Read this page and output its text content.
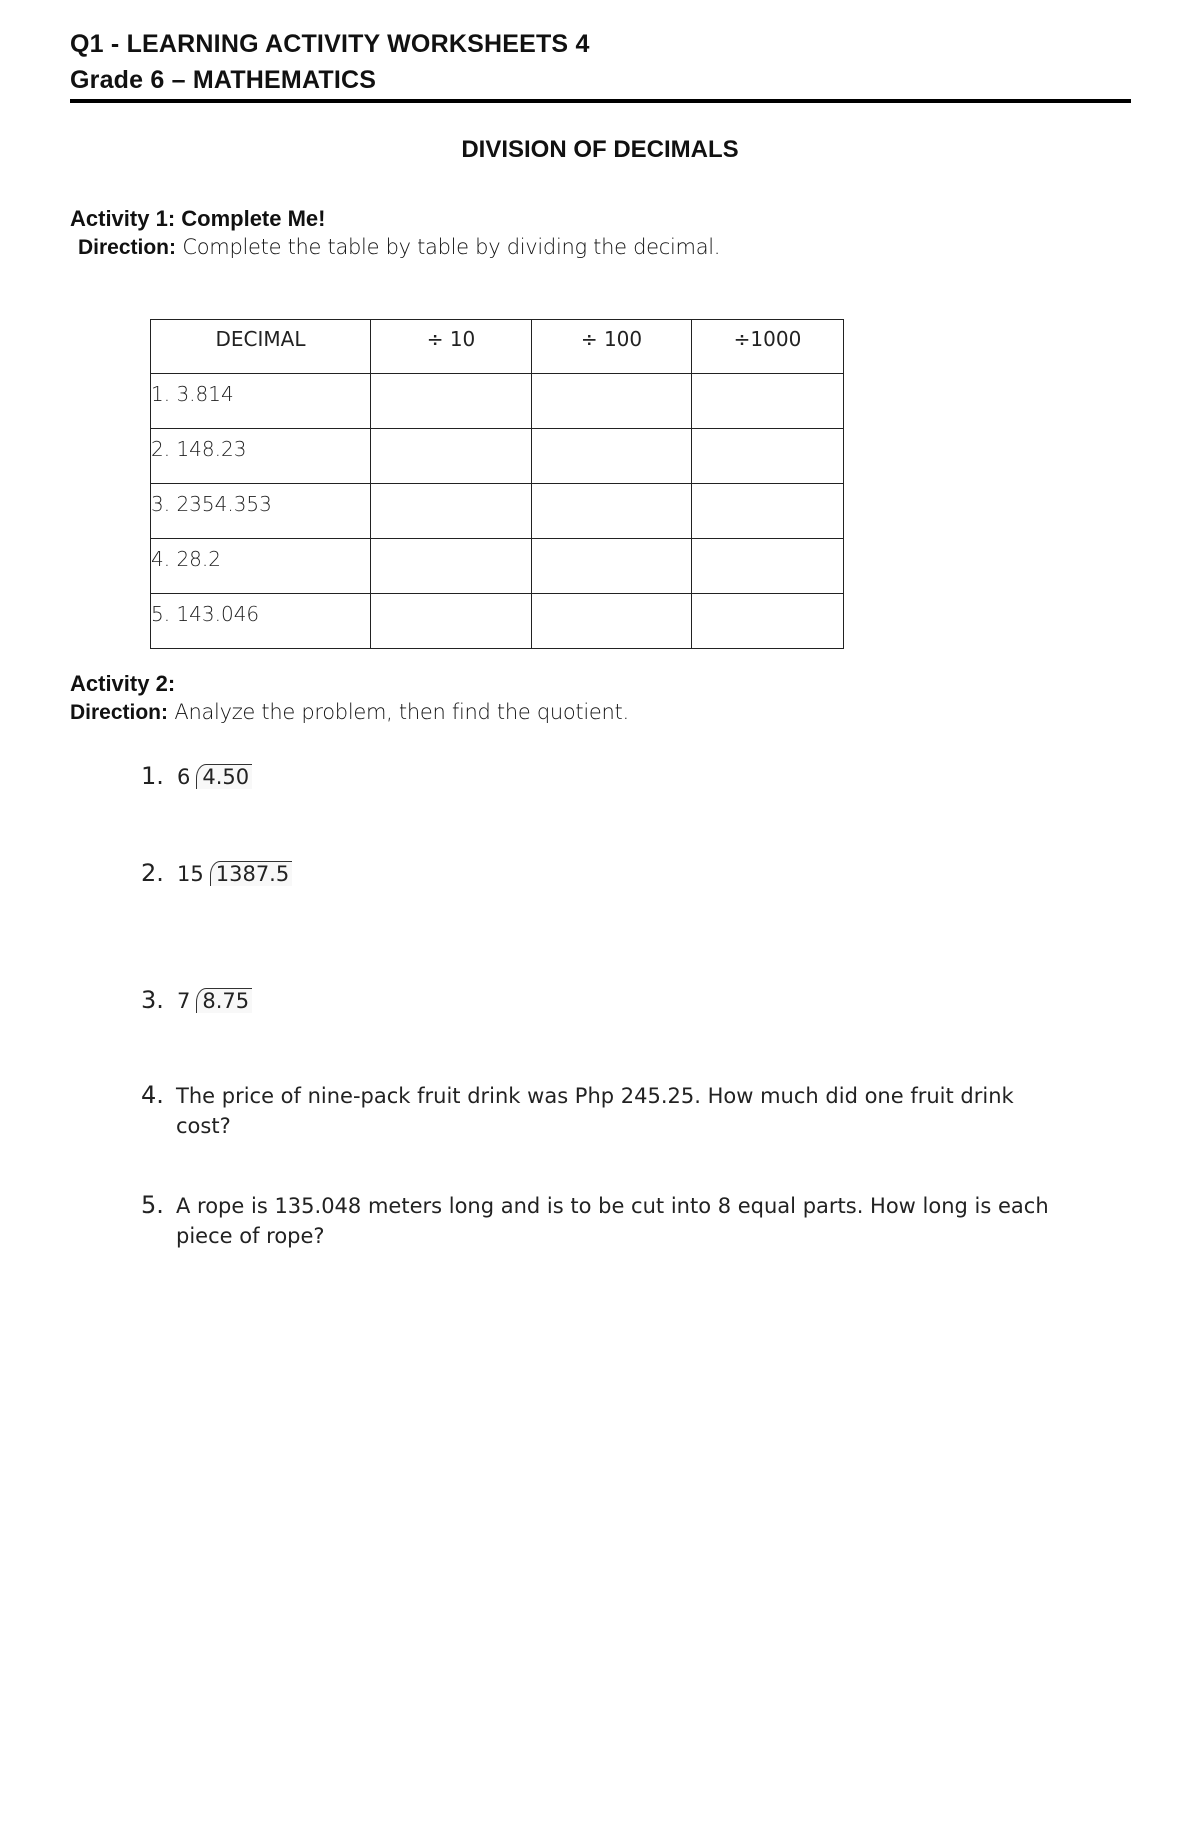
Q1 - LEARNING ACTIVITY WORKSHEETS 4
Grade 6 – MATHEMATICS
DIVISION OF DECIMALS
Activity 1: Complete Me!
Direction: Complete the table by table by dividing the decimal.
DECIMAL	÷ 10	÷ 100	÷1000
1. 3.814			
2. 148.23			
3. 2354.353			
4. 28.2			
5. 143.046			
Activity 2:
Direction: Analyze the problem, then find the quotient.
1. 6 4.50
2. 15 1387.5
3. 7 8.75
4. The price of nine-pack fruit drink was Php 245.25. How much did one fruit drink
cost?
5. A rope is 135.048 meters long and is to be cut into 8 equal parts. How long is each
piece of rope?
